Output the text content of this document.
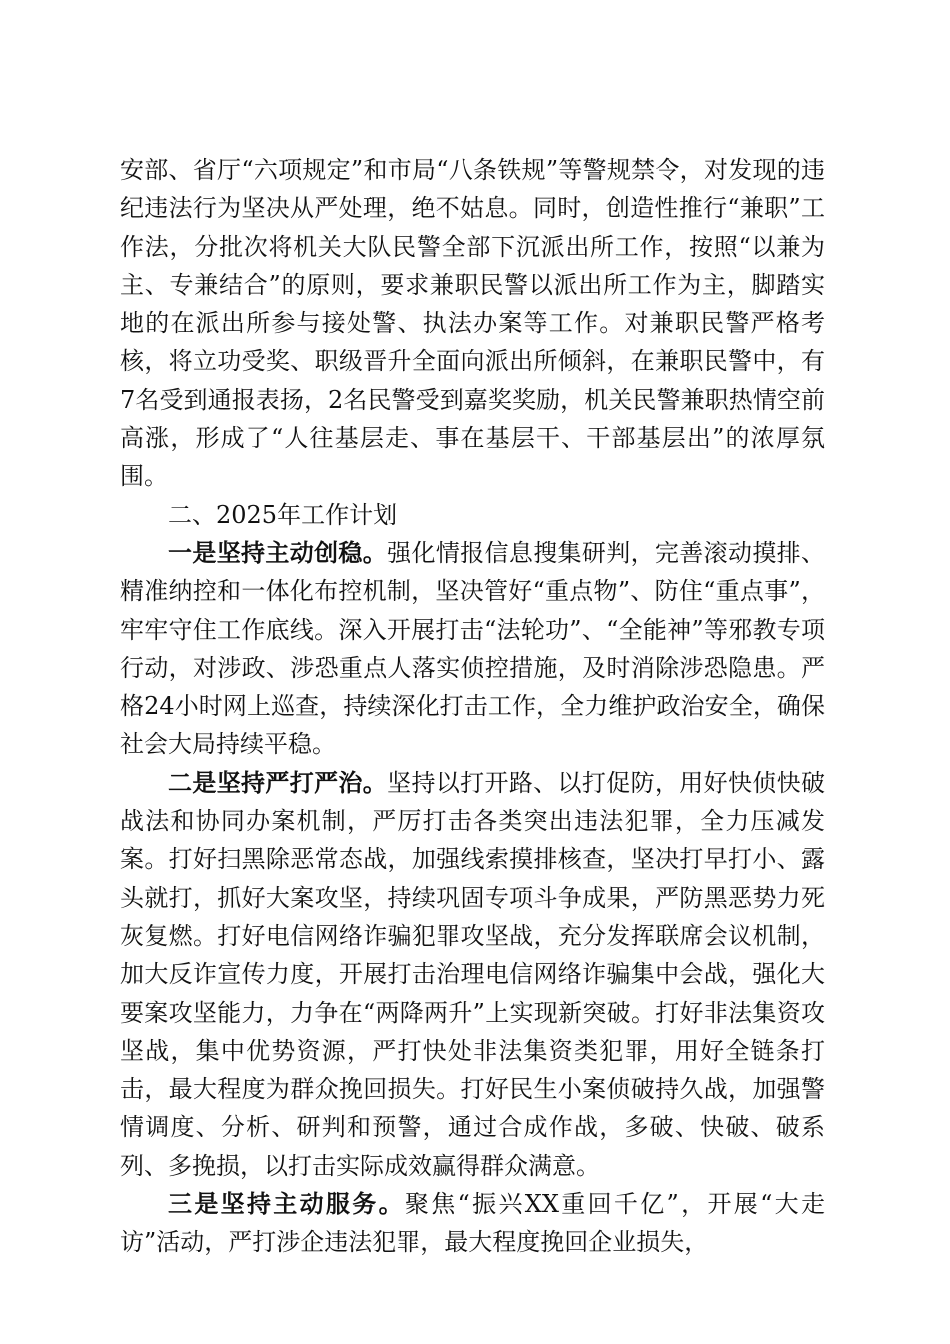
安部、省厅“六项规定”和市局“八条铁规”等警规禁令，对发现的违纪违法行为坚决从严处理，绝不姑息。同时，创造性推行“兼职”工作法，分批次将机关大队民警全部下沉派出所工作，按照“以兼为主、专兼结合”的原则，要求兼职民警以派出所工作为主，脚踏实地的在派出所参与接处警、执法办案等工作。对兼职民警严格考核，将立功受奖、职级晋升全面向派出所倾斜，在兼职民警中，有7名受到通报表扬，2名民警受到嘉奖奖励，机关民警兼职热情空前高涨，形成了“人往基层走、事在基层干、干部基层出”的浓厚氛围。

二、2025年工作计划

一是坚持主动创稳。强化情报信息搜集研判，完善滚动摸排、精准纳控和一体化布控机制，坚决管好“重点物”、防住“重点事”，牢牢守住工作底线。深入开展打击“法轮功”、“全能神”等邪教专项行动，对涉政、涉恐重点人落实侦控措施，及时消除涉恐隐患。严格24小时网上巡查，持续深化打击工作，全力维护政治安全，确保社会大局持续平稳。

二是坚持严打严治。坚持以打开路、以打促防，用好快侦快破战法和协同办案机制，严厉打击各类突出违法犯罪，全力压减发案。打好扫黑除恶常态战，加强线索摸排核查，坚决打早打小、露头就打，抓好大案攻坚，持续巩固专项斗争成果，严防黑恶势力死灰复燃。打好电信网络诈骗犯罪攻坚战，充分发挥联席会议机制，加大反诈宣传力度，开展打击治理电信网络诈骗集中会战，强化大要案攻坚能力，力争在“两降两升”上实现新突破。打好非法集资攻坚战，集中优势资源，严打快处非法集资类犯罪，用好全链条打击，最大程度为群众挽回损失。打好民生小案侦破持久战，加强警情调度、分析、研判和预警，通过合成作战，多破、快破、破系列、多挽损，以打击实际成效赢得群众满意。

三是坚持主动服务。聚焦“振兴XX重回千亿”，开展“大走访”活动，严打涉企违法犯罪，最大程度挽回企业损失，
